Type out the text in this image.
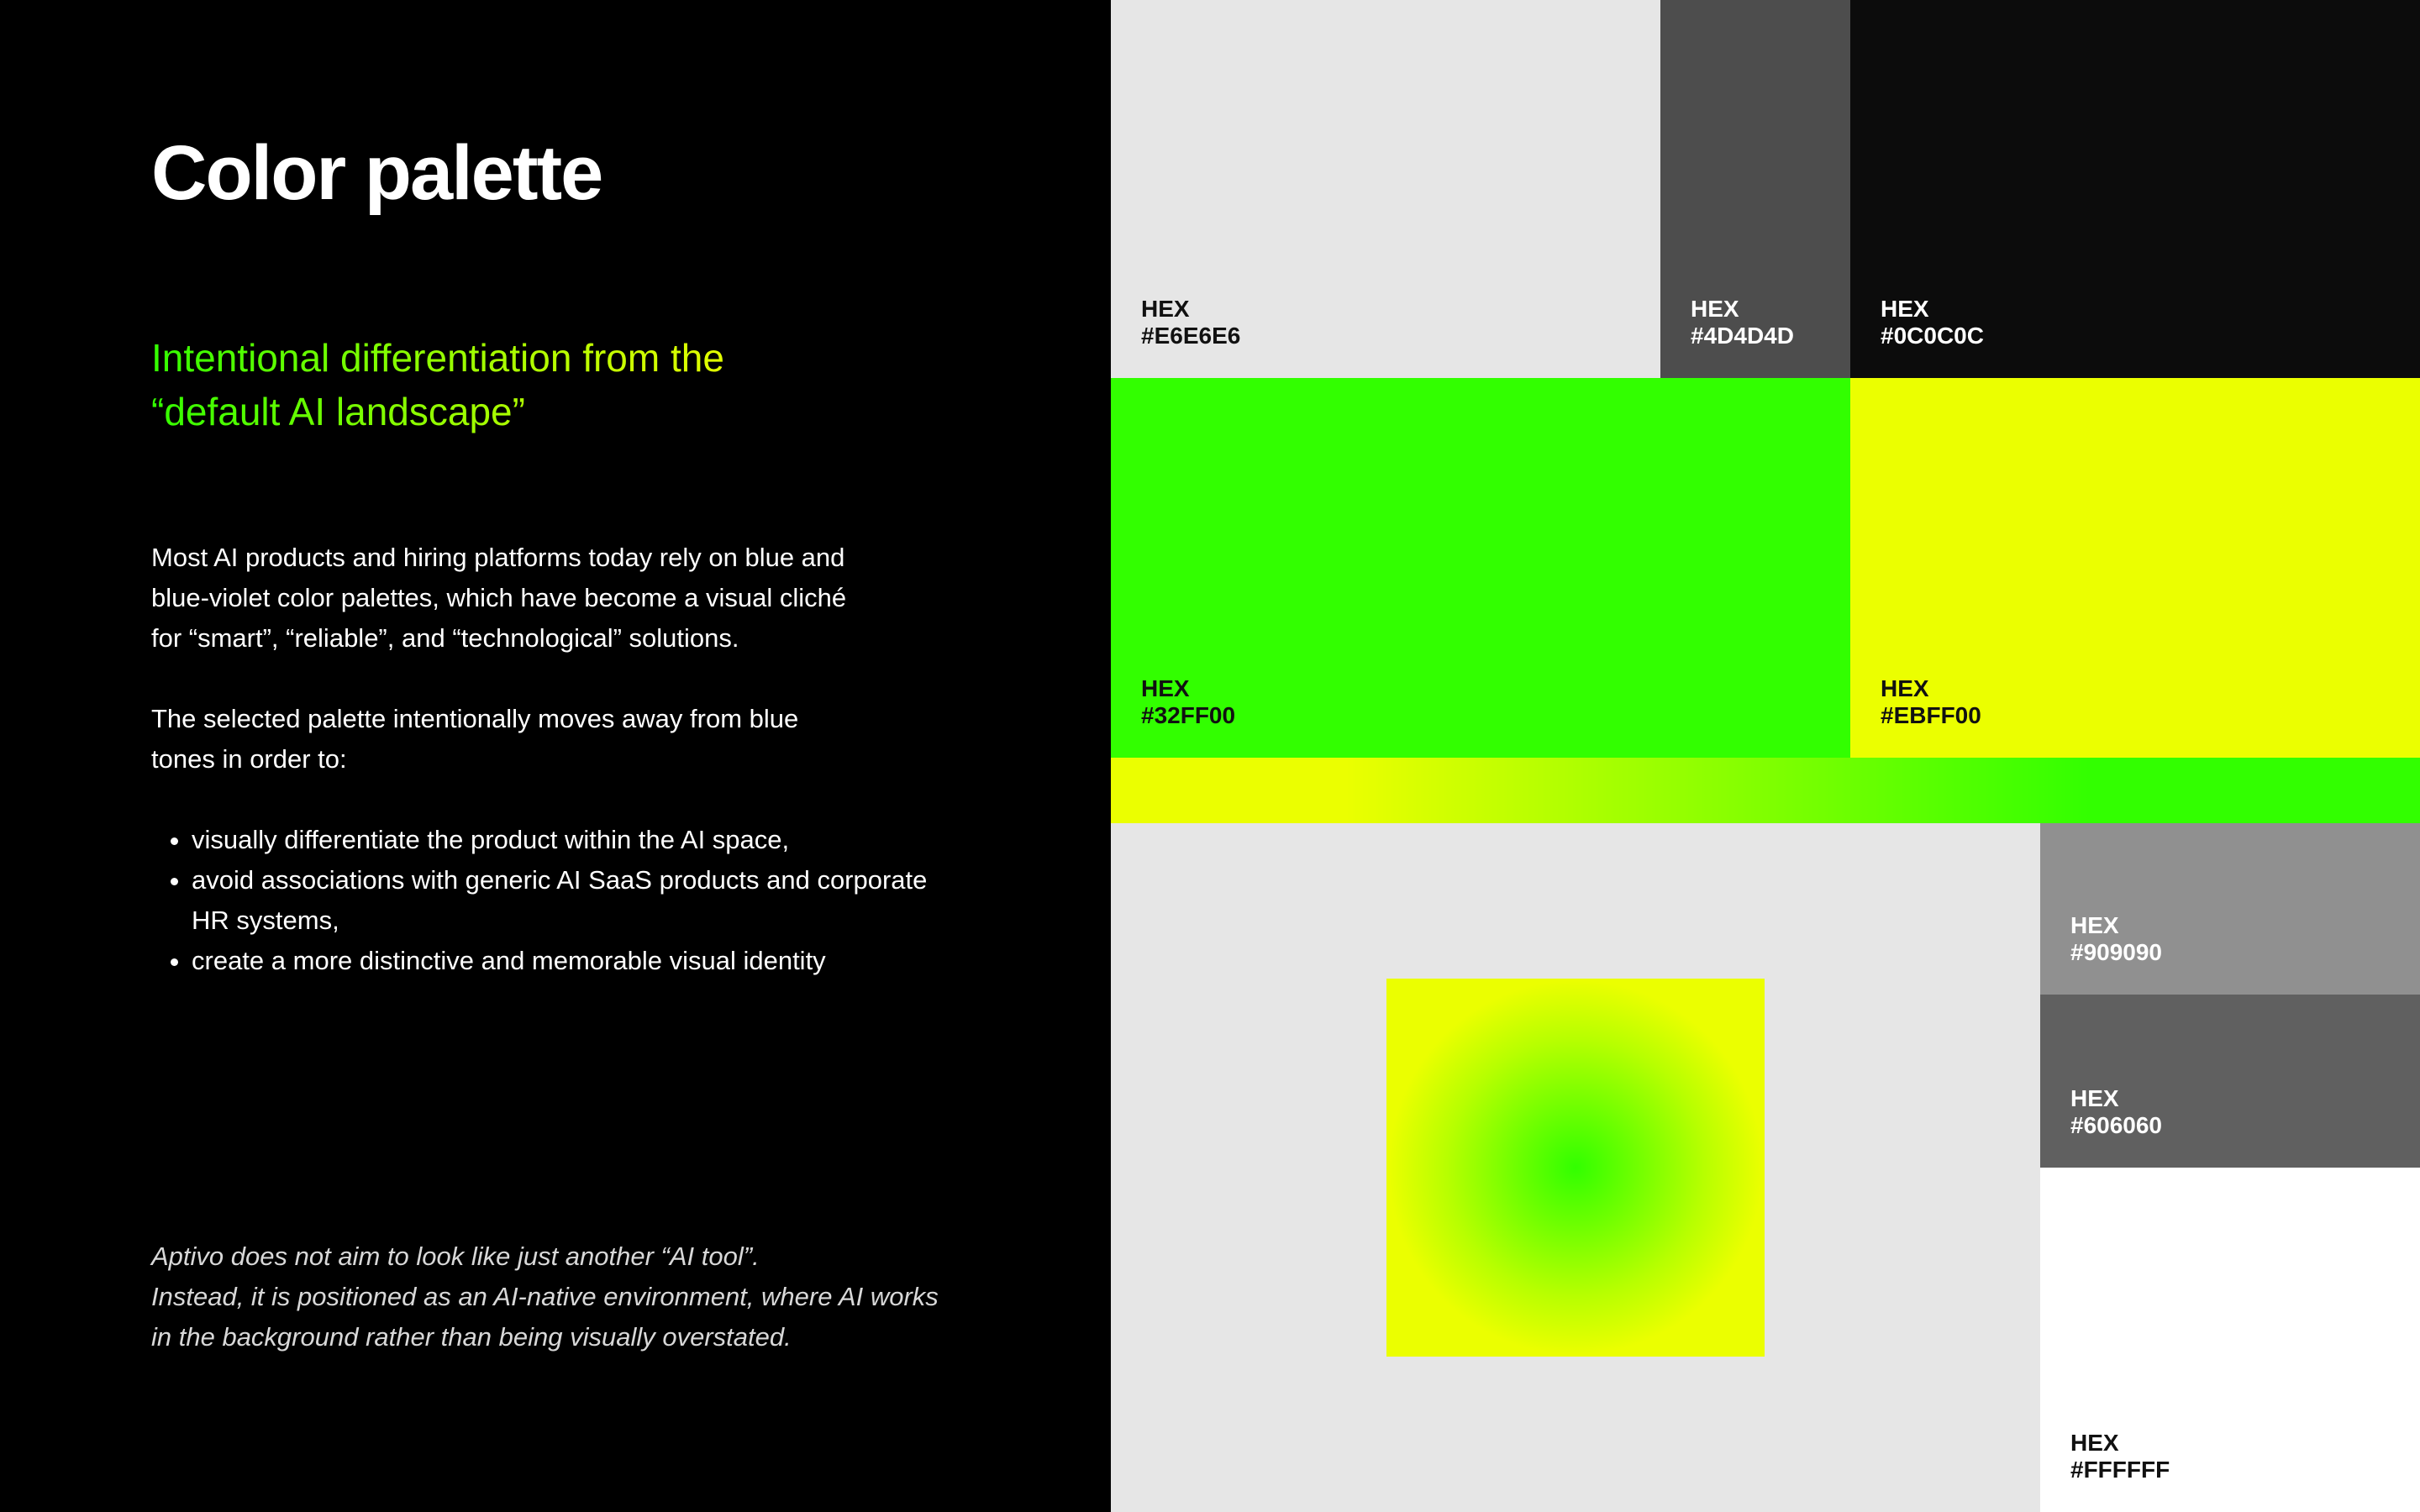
Color palette
Intentional differentiation from the
“default AI landscape”

Most AI products and hiring platforms today rely on blue and
blue-violet color palettes, which have become a visual cliché
for “smart”, “reliable”, and “technological” solutions.

The selected palette intentionally moves away from blue
tones in order to:

• visually differentiate the product within the AI space,
• avoid associations with generic AI SaaS products and corporate
HR systems,
• create a more distinctive and memorable visual identity
Aptivo does not aim to look like just another “AI tool”.
Instead, it is positioned as an AI-native environment, where AI works
in the background rather than being visually overstated.
HEX
#E6E6E6
HEX
#4D4D4D
HEX
#0C0C0C
HEX
#32FF00
HEX
#EBFF00
HEX
#909090
HEX
#606060
HEX
#FFFFFF
